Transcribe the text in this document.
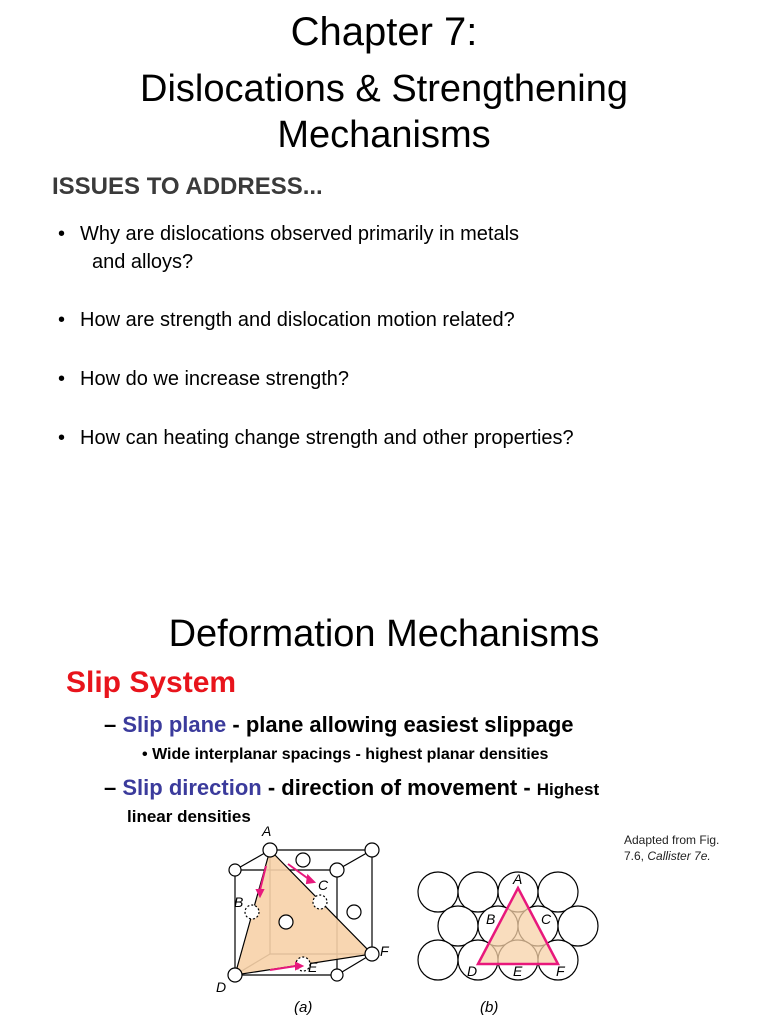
Chapter 7:
Dislocations & Strengthening
Mechanisms
ISSUES TO ADDRESS...
• Why are dislocations observed primarily in metals
and alloys?
• How are strength and dislocation motion related?
• How do we increase strength?
• How can heating change strength and other properties?
Deformation Mechanisms
Slip System
– Slip plane - plane allowing easiest slippage
• Wide interplanar spacings - highest planar densities
– Slip direction - direction of movement - Highest
linear densities
Adapted from Fig.
7.6, Callister 7e.
A
B
C
D
E
F
(a)
A
B	C
D	E F
(b)
